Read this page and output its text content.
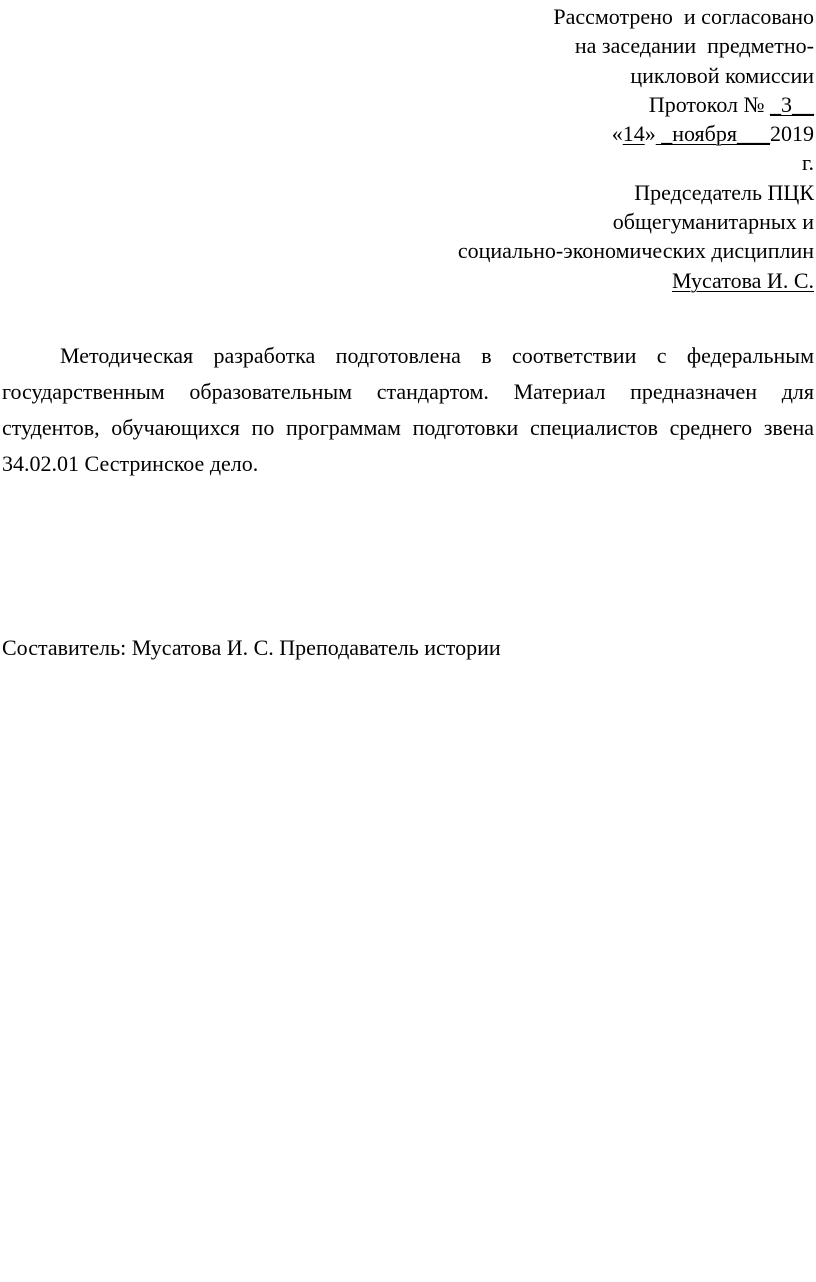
Рассмотрено  и согласовано
на заседании  предметно-
цикловой комиссии
Протокол № _3__
«14» _ноября___2019
г.
Председатель ПЦК
общегуманитарных и
социально-экономических дисциплин
Мусатова И. С.

Методическая разработка подготовлена в соответствии с федеральным государственным образовательным стандартом. Материал предназначен для студентов, обучающихся по программам подготовки специалистов среднего звена 34.02.01 Сестринское дело.

Составитель: Мусатова И. С. Преподаватель истории
